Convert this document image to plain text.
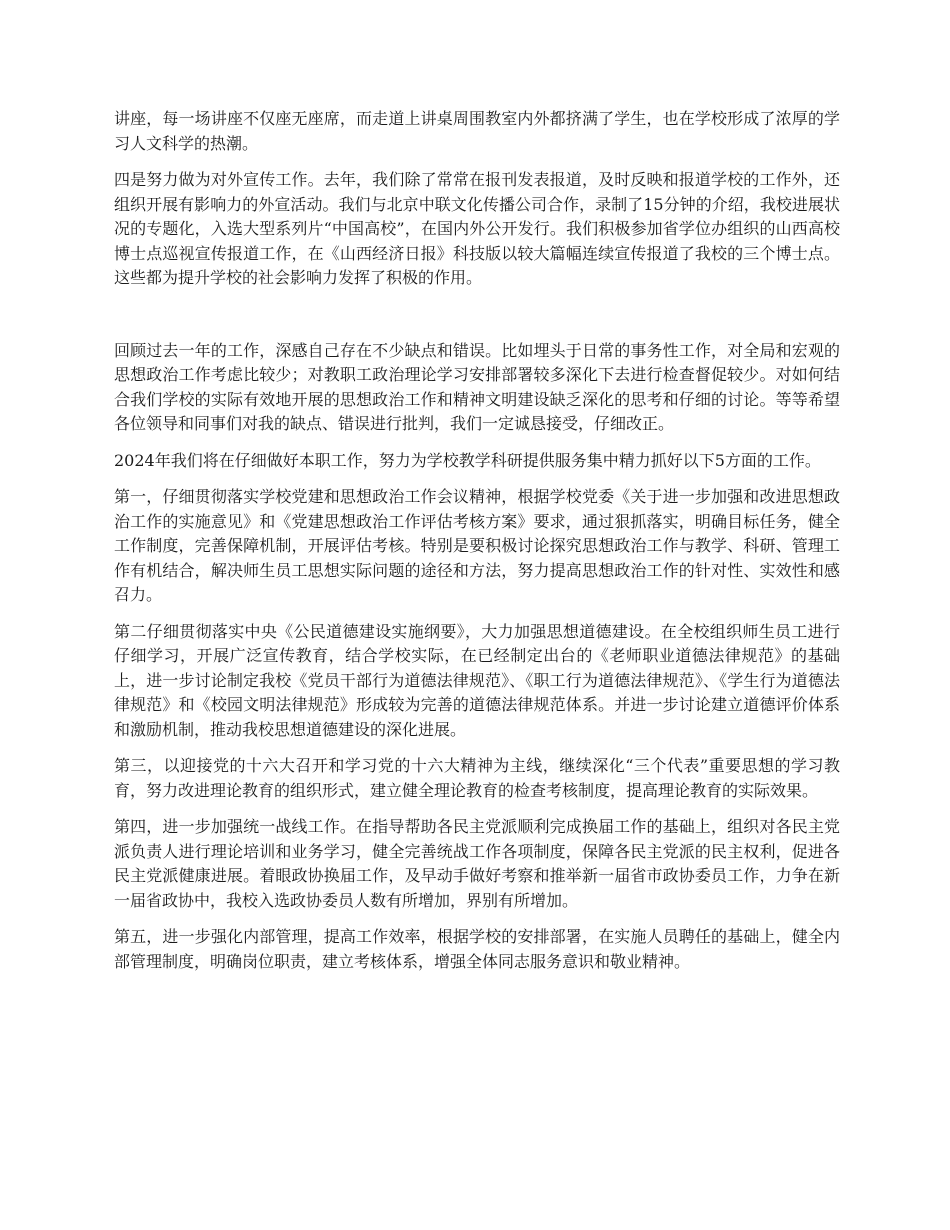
讲座，每一场讲座不仅座无座席，而走道上讲桌周围教室内外都挤满了学生，也在学校形成了浓厚的学习人文科学的热潮。

四是努力做为对外宣传工作。去年，我们除了常常在报刊发表报道，及时反映和报道学校的工作外，还组织开展有影响力的外宣活动。我们与北京中联文化传播公司合作，录制了15分钟的介绍，我校进展状况的专题化，入选大型系列片“中国高校”，在国内外公开发行。我们积极参加省学位办组织的山西高校博士点巡视宣传报道工作，在《山西经济日报》科技版以较大篇幅连续宣传报道了我校的三个博士点。这些都为提升学校的社会影响力发挥了积极的作用。

回顾过去一年的工作，深感自己存在不少缺点和错误。比如埋头于日常的事务性工作，对全局和宏观的思想政治工作考虑比较少；对教职工政治理论学习安排部署较多深化下去进行检查督促较少。对如何结合我们学校的实际有效地开展的思想政治工作和精神文明建设缺乏深化的思考和仔细的讨论。等等希望各位领导和同事们对我的缺点、错误进行批判，我们一定诚恳接受，仔细改正。

2024年我们将在仔细做好本职工作，努力为学校教学科研提供服务集中精力抓好以下5方面的工作。

第一，仔细贯彻落实学校党建和思想政治工作会议精神，根据学校党委《关于进一步加强和改进思想政治工作的实施意见》和《党建思想政治工作评估考核方案》要求，通过狠抓落实，明确目标任务，健全工作制度，完善保障机制，开展评估考核。特别是要积极讨论探究思想政治工作与教学、科研、管理工作有机结合，解决师生员工思想实际问题的途径和方法，努力提高思想政治工作的针对性、实效性和感召力。

第二仔细贯彻落实中央《公民道德建设实施纲要》，大力加强思想道德建设。在全校组织师生员工进行仔细学习，开展广泛宣传教育，结合学校实际，在已经制定出台的《老师职业道德法律规范》的基础上，进一步讨论制定我校《党员干部行为道德法律规范》、《职工行为道德法律规范》、《学生行为道德法律规范》和《校园文明法律规范》形成较为完善的道德法律规范体系。并进一步讨论建立道德评价体系和激励机制，推动我校思想道德建设的深化进展。

第三，以迎接党的十六大召开和学习党的十六大精神为主线，继续深化“三个代表”重要思想的学习教育，努力改进理论教育的组织形式，建立健全理论教育的检查考核制度，提高理论教育的实际效果。

第四，进一步加强统一战线工作。在指导帮助各民主党派顺利完成换届工作的基础上，组织对各民主党派负责人进行理论培训和业务学习，健全完善统战工作各项制度，保障各民主党派的民主权利，促进各民主党派健康进展。着眼政协换届工作，及早动手做好考察和推举新一届省市政协委员工作，力争在新一届省政协中，我校入选政协委员人数有所增加，界别有所增加。

第五，进一步强化内部管理，提高工作效率，根据学校的安排部署，在实施人员聘任的基础上，健全内部管理制度，明确岗位职责，建立考核体系，增强全体同志服务意识和敬业精神。
